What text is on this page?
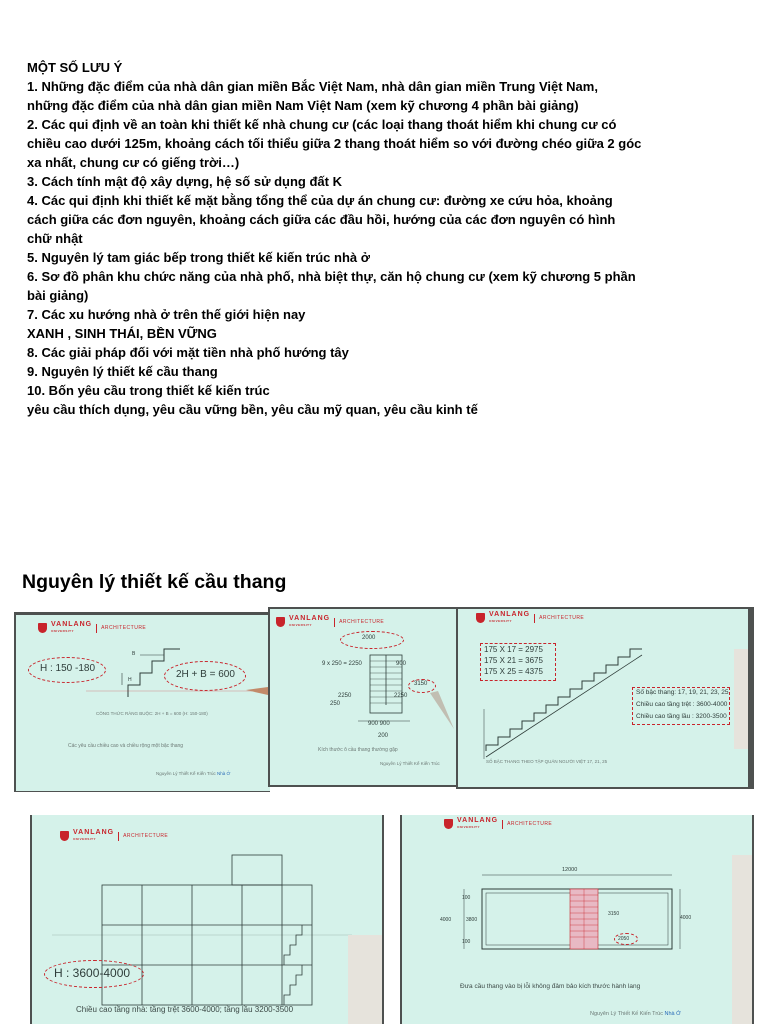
MỘT SỐ LƯU Ý
1. Những đặc điểm của nhà dân gian miền Bắc Việt Nam, nhà dân gian miền Trung Việt Nam,
những đặc điểm của nhà dân gian miền Nam Việt Nam (xem kỹ chương 4 phần bài giảng)
2. Các qui định về an toàn khi thiết kế nhà chung cư (các loại thang thoát hiểm khi chung cư có
chiều cao dưới 125m, khoảng cách tối thiểu giữa 2 thang thoát hiểm so với đường chéo giữa 2 góc
xa nhất, chung cư có giếng trời…)
3. Cách tính mật độ xây dựng, hệ số sử dụng đất K
4. Các qui định khi thiết kế mặt bằng tổng thể của dự án chung cư: đường xe cứu hỏa, khoảng
cách giữa các đơn nguyên, khoảng cách giữa các đầu hồi, hướng của các đơn nguyên có hình
chữ nhật
5. Nguyên lý tam giác bếp trong thiết kế kiến trúc nhà ở
6. Sơ đồ phân khu chức năng của nhà phố, nhà biệt thự, căn hộ chung cư (xem kỹ chương 5 phần
bài giảng)
7. Các xu hướng nhà ở trên thế giới hiện nay
XANH , SINH THÁI, BỀN VỮNG
8. Các giải pháp đối với mặt tiền nhà phố hướng tây
9. Nguyên lý thiết kế cầu thang
10. Bốn yêu cầu trong thiết kế kiến trúc
yêu cầu thích dụng, yêu cầu vững bền, yêu cầu mỹ quan, yêu cầu kinh tế
Nguyên lý thiết kế cầu thang
VANLANG
UNIVERSITY	ARCHITECTURE
B
H
H : 150 -180
2H + B = 600
CÔNG THỨC RÀNG BUỘC: 2H + B = 600 (H: 150-180)
Các yêu cầu chiều cao và chiều rộng một bậc thang
Nguyên Lý Thiết Kế Kiến Trúc Nhà Ở
VANLANG
UNIVERSITY	ARCHITECTURE
2000
9 x 250 = 2250	900
2250
250
2250
3150
900 900
200
Kích thước ô cầu thang thường gặp
Nguyên Lý Thiết Kế Kiến Trúc
VANLANG
UNIVERSITY	ARCHITECTURE
175 X 17 = 2975
175 X 21 = 3675
175 X 25 = 4375
Số bậc thang: 17, 19, 21, 23, 25
Chiều cao tầng trệt : 3600-4000
Chiều cao tầng lầu : 3200-3500
SỐ BẬC THANG THEO TẬP QUÁN NGƯỜI VIỆT 17, 21, 25
VANLANG
UNIVERSITY	ARCHITECTURE
H : 3600-4000
Chiều cao tầng nhà: tầng trệt 3600-4000; tầng lầu 3200-3500
VANLANG
UNIVERSITY	ARCHITECTURE
12000
100
4000	3800
100
3150
4000
2050
Đưa cầu thang vào bị lỗi không đảm bảo kích thước hành lang
Nguyên Lý Thiết Kế Kiến Trúc Nhà Ở
